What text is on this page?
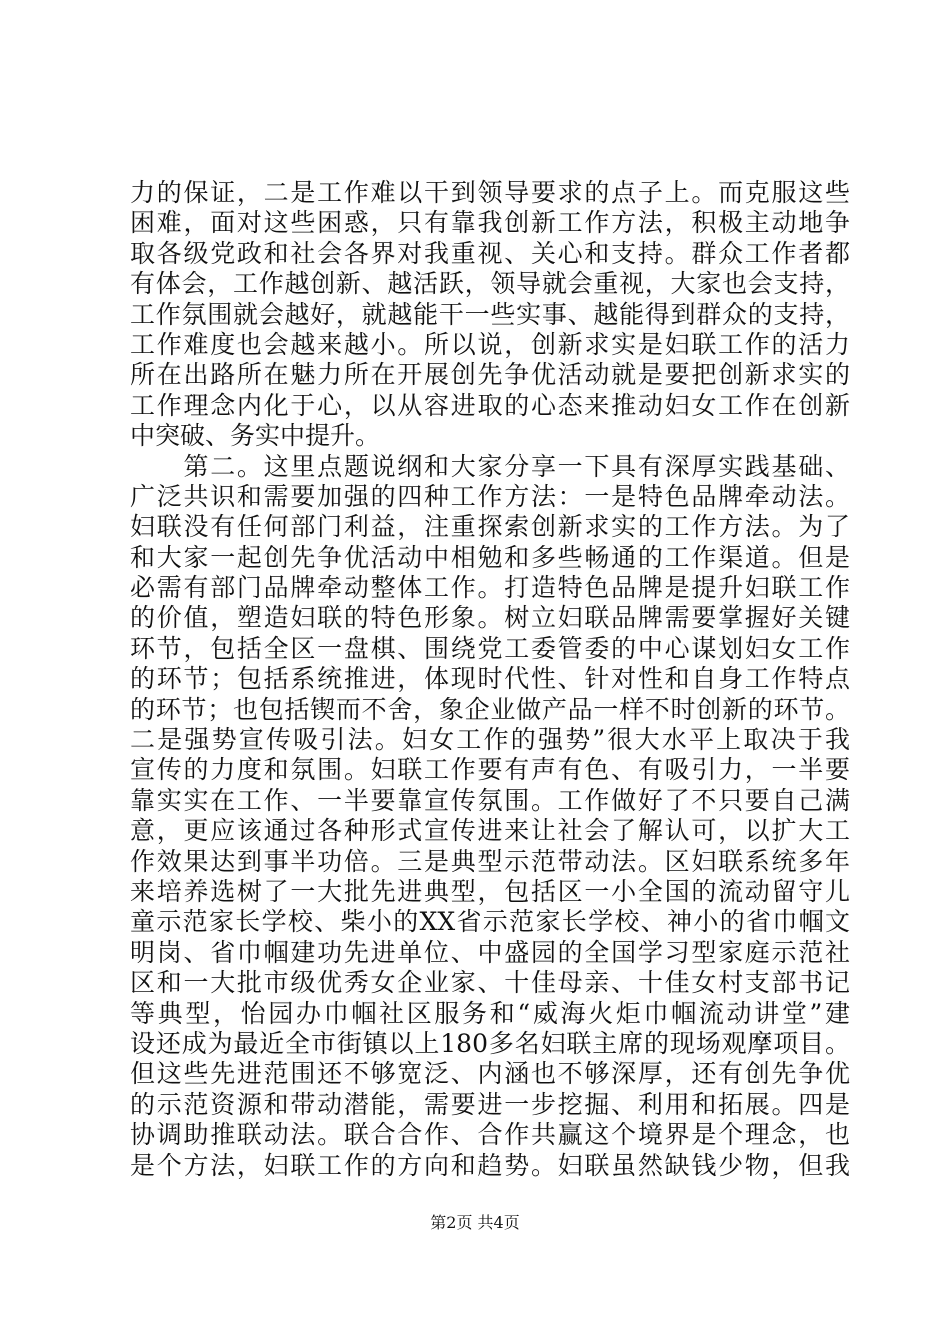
力的保证，二是工作难以干到领导要求的点子上。而克服这些
困难，面对这些困惑，只有靠我创新工作方法，积极主动地争
取各级党政和社会各界对我重视、关心和支持。群众工作者都
有体会，工作越创新、越活跃，领导就会重视，大家也会支持，
工作氛围就会越好，就越能干一些实事、越能得到群众的支持，
工作难度也会越来越小。所以说，创新求实是妇联工作的活力
所在出路所在魅力所在开展创先争优活动就是要把创新求实的
工作理念内化于心，以从容进取的心态来推动妇女工作在创新
中突破、务实中提升。
　　第二。这里点题说纲和大家分享一下具有深厚实践基础、
广泛共识和需要加强的四种工作方法：一是特色品牌牵动法。
妇联没有任何部门利益，注重探索创新求实的工作方法。为了
和大家一起创先争优活动中相勉和多些畅通的工作渠道。但是
必需有部门品牌牵动整体工作。打造特色品牌是提升妇联工作
的价值，塑造妇联的特色形象。树立妇联品牌需要掌握好关键
环节，包括全区一盘棋、围绕党工委管委的中心谋划妇女工作
的环节；包括系统推进，体现时代性、针对性和自身工作特点
的环节；也包括锲而不舍，象企业做产品一样不时创新的环节。
二是强势宣传吸引法。妇女工作的强势”很大水平上取决于我
宣传的力度和氛围。妇联工作要有声有色、有吸引力，一半要
靠实实在工作、一半要靠宣传氛围。工作做好了不只要自己满
意，更应该通过各种形式宣传进来让社会了解认可，以扩大工
作效果达到事半功倍。三是典型示范带动法。区妇联系统多年
来培养选树了一大批先进典型，包括区一小全国的流动留守儿
童示范家长学校、柴小的XX省示范家长学校、神小的省巾帼文
明岗、省巾帼建功先进单位、中盛园的全国学习型家庭示范社
区和一大批市级优秀女企业家、十佳母亲、十佳女村支部书记
等典型，怡园办巾帼社区服务和“威海火炬巾帼流动讲堂”建
设还成为最近全市街镇以上180多名妇联主席的现场观摩项目。
但这些先进范围还不够宽泛、内涵也不够深厚，还有创先争优
的示范资源和带动潜能，需要进一步挖掘、利用和拓展。四是
协调助推联动法。联合合作、合作共赢这个境界是个理念，也
是个方法，妇联工作的方向和趋势。妇联虽然缺钱少物，但我
第2页 共4页
